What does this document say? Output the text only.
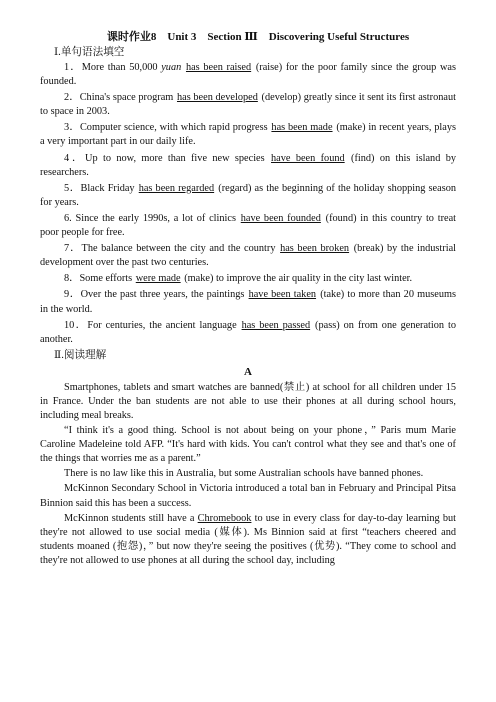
课时作业8　Unit 3　Section Ⅲ　Discovering Useful Structures
Ⅰ.单句语法填空

1．More than 50,000 yuan has been raised (raise) for the poor family since the group was founded.

2．China's space program has been developed (develop) greatly since it sent its first astronaut to space in 2003.

3．Computer science, with which rapid progress has been made (make) in recent years, plays a very important part in our daily life.

4．Up to now, more than five new species have been found (find) on this island by researchers.

5．Black Friday has been regarded (regard) as the beginning of the holiday shopping season for years.

6. Since the early 1990s, a lot of clinics have been founded (found) in this country to treat poor people for free.

7．The balance between the city and the country has been broken (break) by the industrial development over the past two centuries.

8．Some efforts were made (make) to improve the air quality in the city last winter.

9．Over the past three years, the paintings have been taken (take) to more than 20 museums in the world.

10．For centuries, the ancient language has been passed (pass) on from one generation to another.

Ⅱ.阅读理解
A

Smartphones, tablets and smart watches are banned(禁止) at school for all children under 15 in France. Under the ban students are not able to use their phones at all during school hours, including meal breaks.

“I think it's a good thing. School is not about being on your phone，” Paris mum Marie Caroline Madeleine told AFP. “It's hard with kids. You can't control what they see and that's one of the things that worries me as a parent.”

There is no law like this in Australia, but some Australian schools have banned phones.

McKinnon Secondary School in Victoria introduced a total ban in February and Principal Pitsa Binnion said this has been a success.

McKinnon students still have a Chromebook to use in every class for day-to-day learning but they're not allowed to use social media (媒体). Ms Binnion said at first “teachers cheered and students moaned (抱怨)，” but now they're seeing the positives (优势). “They come to school and they're not allowed to use phones at all during the school day, including
